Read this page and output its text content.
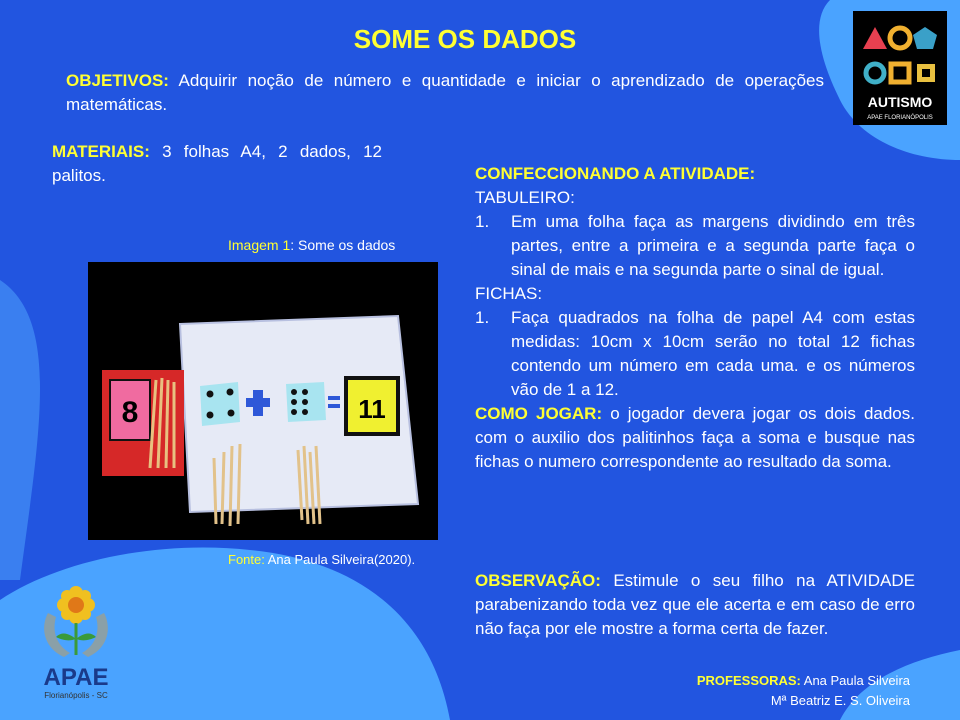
SOME OS DADOS
OBJETIVOS: Adquirir noção de número e quantidade e iniciar o aprendizado de operações matemáticas.
MATERIAIS: 3 folhas A4, 2 dados, 12 palitos.
Imagem 1: Some os dados
8	11
Fonte: Ana Paula Silveira(2020).

CONFECCIONANDO A ATIVIDADE:

TABULEIRO:

1.	Em uma folha faça as margens dividindo em três partes, entre a primeira e a segunda parte faça o sinal de mais e na segunda parte o sinal de igual.

FICHAS:

1.	Faça quadrados na folha de papel A4 com estas medidas: 10cm x 10cm serão no total 12 fichas contendo um número em cada uma. e os números vão de 1 a 12.

COMO JOGAR: o jogador devera jogar os dois dados. com o auxilio dos palitinhos faça a soma e busque nas fichas o numero correspondente ao resultado da soma.

OBSERVAÇÃO: Estimule o seu filho na ATIVIDADE parabenizando toda vez que ele acerta e em caso de erro não faça por ele mostre a forma certa de fazer.
PROFESSORAS: Ana Paula Silveira
Mª Beatriz E. S. Oliveira
AUTISMO
APAE FLORIANÓPOLIS
APAE
Florianópolis - SC
